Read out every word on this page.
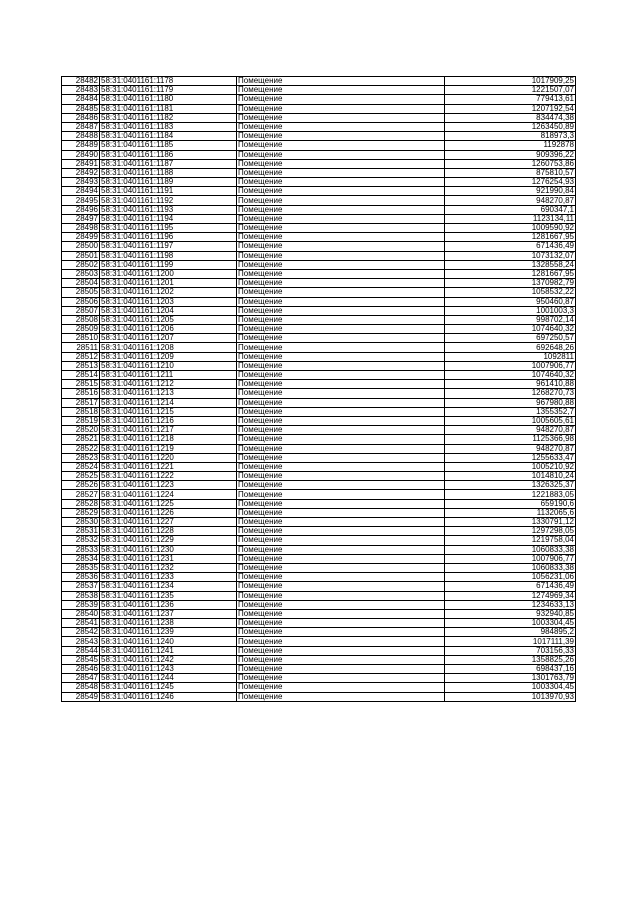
28482	58:31:0401161:1178	Помещение	1017909,25
28483	58:31:0401161:1179	Помещение	1221507,07
28484	58:31:0401161:1180	Помещение	779413,61
28485	58:31:0401161:1181	Помещение	1207192,54
28486	58:31:0401161:1182	Помещение	834474,38
28487	58:31:0401161:1183	Помещение	1263450,89
28488	58:31:0401161:1184	Помещение	818973,3
28489	58:31:0401161:1185	Помещение	1192878
28490	58:31:0401161:1186	Помещение	909396,22
28491	58:31:0401161:1187	Помещение	1260753,86
28492	58:31:0401161:1188	Помещение	875810,57
28493	58:31:0401161:1189	Помещение	1276254,93
28494	58:31:0401161:1191	Помещение	921990,84
28495	58:31:0401161:1192	Помещение	948270,87
28496	58:31:0401161:1193	Помещение	690347,1
28497	58:31:0401161:1194	Помещение	1123134,11
28498	58:31:0401161:1195	Помещение	1009590,92
28499	58:31:0401161:1196	Помещение	1281667,95
28500	58:31:0401161:1197	Помещение	671436,49
28501	58:31:0401161:1198	Помещение	1073132,07
28502	58:31:0401161:1199	Помещение	1328558,24
28503	58:31:0401161:1200	Помещение	1281667,95
28504	58:31:0401161:1201	Помещение	1370982,79
28505	58:31:0401161:1202	Помещение	1058532,22
28506	58:31:0401161:1203	Помещение	950460,87
28507	58:31:0401161:1204	Помещение	1001003,3
28508	58:31:0401161:1205	Помещение	998702,14
28509	58:31:0401161:1206	Помещение	1074640,32
28510	58:31:0401161:1207	Помещение	697250,57
28511	58:31:0401161:1208	Помещение	692648,26
28512	58:31:0401161:1209	Помещение	1092811
28513	58:31:0401161:1210	Помещение	1007906,77
28514	58:31:0401161:1211	Помещение	1074640,32
28515	58:31:0401161:1212	Помещение	961410,88
28516	58:31:0401161:1213	Помещение	1268270,73
28517	58:31:0401161:1214	Помещение	967980,88
28518	58:31:0401161:1215	Помещение	1355352,7
28519	58:31:0401161:1216	Помещение	1005605,61
28520	58:31:0401161:1217	Помещение	948270,87
28521	58:31:0401161:1218	Помещение	1125366,98
28522	58:31:0401161:1219	Помещение	948270,87
28523	58:31:0401161:1220	Помещение	1255633,47
28524	58:31:0401161:1221	Помещение	1005210,92
28525	58:31:0401161:1222	Помещение	1014810,24
28526	58:31:0401161:1223	Помещение	1326325,37
28527	58:31:0401161:1224	Помещение	1221883,05
28528	58:31:0401161:1225	Помещение	659190,6
28529	58:31:0401161:1226	Помещение	1132065,6
28530	58:31:0401161:1227	Помещение	1330791,12
28531	58:31:0401161:1228	Помещение	1297298,05
28532	58:31:0401161:1229	Помещение	1219758,04
28533	58:31:0401161:1230	Помещение	1060833,38
28534	58:31:0401161:1231	Помещение	1007906,77
28535	58:31:0401161:1232	Помещение	1060833,38
28536	58:31:0401161:1233	Помещение	1056231,06
28537	58:31:0401161:1234	Помещение	671436,49
28538	58:31:0401161:1235	Помещение	1274969,34
28539	58:31:0401161:1236	Помещение	1234633,13
28540	58:31:0401161:1237	Помещение	932940,85
28541	58:31:0401161:1238	Помещение	1003304,45
28542	58:31:0401161:1239	Помещение	984895,2
28543	58:31:0401161:1240	Помещение	1017111,39
28544	58:31:0401161:1241	Помещение	703156,33
28545	58:31:0401161:1242	Помещение	1358825,26
28546	58:31:0401161:1243	Помещение	698437,16
28547	58:31:0401161:1244	Помещение	1301763,79
28548	58:31:0401161:1245	Помещение	1003304,45
28549	58:31:0401161:1246	Помещение	1013970,93
